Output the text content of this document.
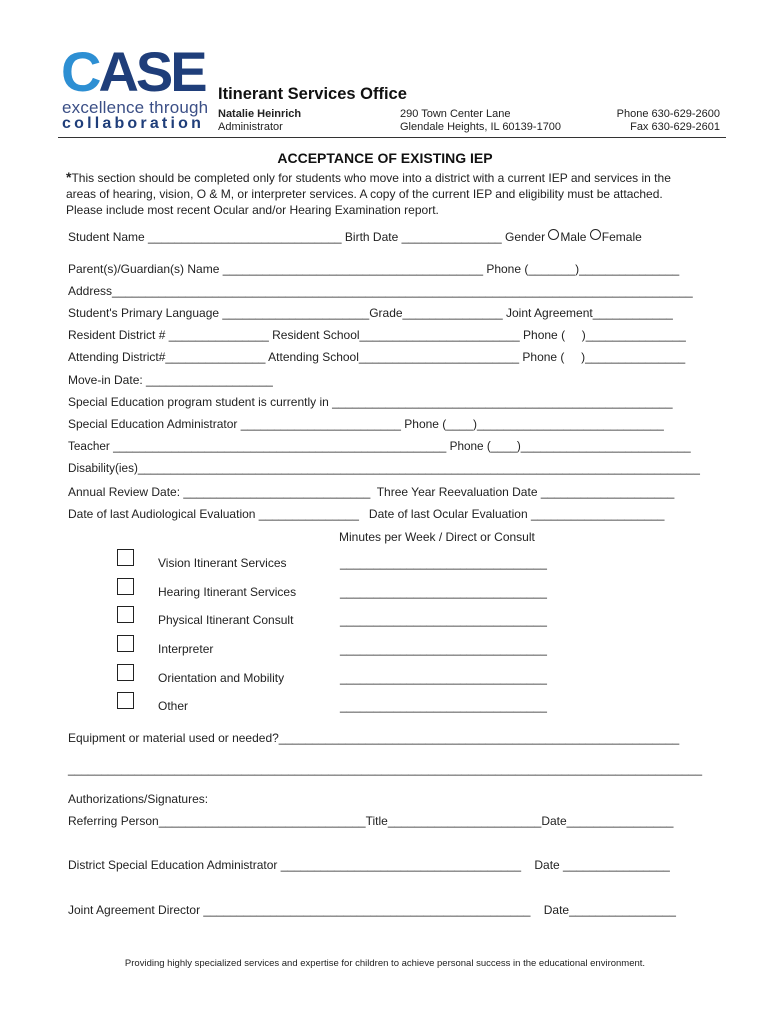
CASE
excellence through
collaboration
Itinerant Services Office
Natalie Heinrich
Administrator
290 Town Center Lane
Glendale Heights, IL 60139-1700
Phone 630-629-2600
Fax 630-629-2601
ACCEPTANCE OF EXISTING IEP
*This section should be completed only for students who move into a district with a current IEP and services in the areas of hearing, vision, O & M, or interpreter services. A copy of the current IEP and eligibility must be attached. Please include most recent Ocular and/or Hearing Examination report.
Student Name _____________________________ Birth Date _______________ Gender Male Female
Parent(s)/Guardian(s) Name _______________________________________ Phone (_______)_______________
Address_______________________________________________________________________________________
Student's Primary Language ______________________Grade_______________ Joint Agreement____________
Resident District # _______________ Resident School________________________ Phone (     )_______________
Attending District#_______________ Attending School________________________ Phone (     )_______________
Move-in Date: ___________________
Special Education program student is currently in ___________________________________________________
Special Education Administrator ________________________ Phone (____)____________________________
Teacher ___________________________________________________ Phone (____)__________________________
Disability(ies)______________________________________________________________________________________
Annual Review Date: ____________________________  Three Year Reevaluation Date ____________________
Date of last Audiological Evaluation _______________   Date of last Ocular Evaluation ____________________
Minutes per Week / Direct or Consult
Vision Itinerant Services	_______________________________
Hearing Itinerant Services	_______________________________
Physical Itinerant Consult	_______________________________
Interpreter	_______________________________
Orientation and Mobility	_______________________________
Other	_______________________________
Equipment or material used or needed?____________________________________________________________
_______________________________________________________________________________________________
Authorizations/Signatures:
Referring Person_______________________________Title_______________________Date________________
District Special Education Administrator ____________________________________    Date ________________
Joint Agreement Director _________________________________________________    Date________________
Providing highly specialized services and expertise for children to achieve personal success in the educational environment.
